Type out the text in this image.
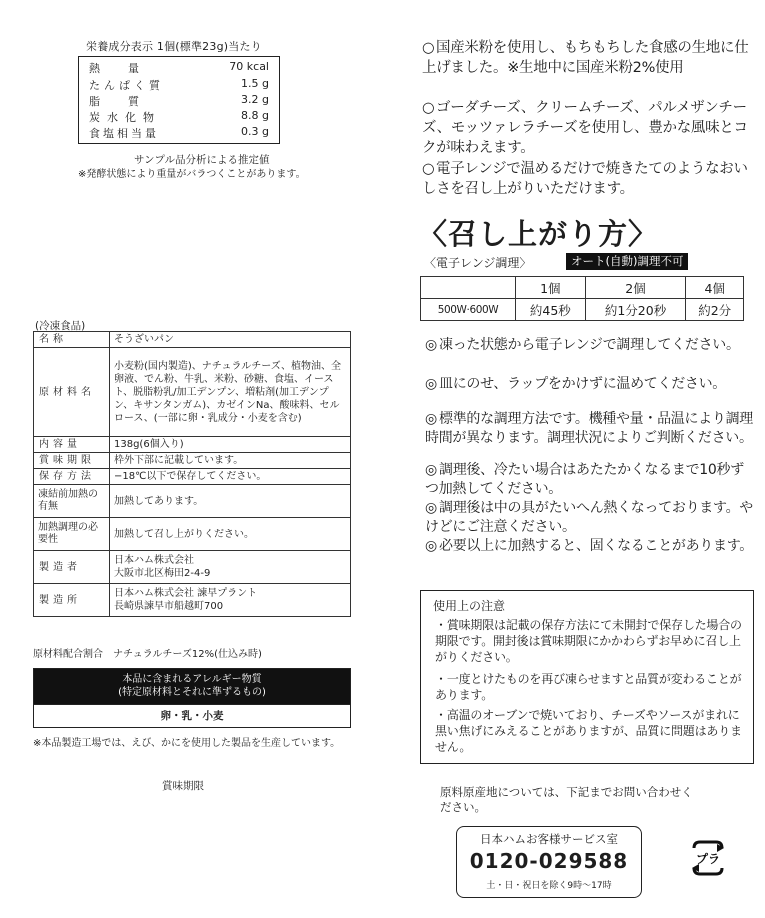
栄養成分表示 1個(標準23g)当たり
熱量	70 kcal
たんぱく質	1.5 g
脂質	3.2 g
炭水化物	8.8 g
食塩相当量	0.3 g
サンプル品分析による推定値
※発酵状態により重量がバラつくことがあります。
(冷凍食品)
名称	そうざいパン
原材料名	小麦粉(国内製造)、ナチュラルチーズ、植物油、全卵液、でん粉、牛乳、米粉、砂糖、食塩、イースト、脱脂粉乳/加工デンプン、増粘剤(加工デンプン、キサンタンガム)、カゼインNa、酸味料、セルロース、(一部に卵・乳成分・小麦を含む)
内容量	138g(6個入り)
賞味期限	枠外下部に記載しています。
保存方法	−18℃以下で保存してください。
凍結前加熱の有無	加熱してあります。
加熱調理の必要性	加熱して召し上がりください。
製造者	日本ハム株式会社
大阪市北区梅田2-4-9
製造所	日本ハム株式会社 諫早プラント
長崎県諫早市船越町700
原材料配合割合　ナチュラルチーズ12%(仕込み時)
本品に含まれるアレルギー物質
(特定原材料とそれに準ずるもの)
卵・乳・小麦
※本品製造工場では、えび、かにを使用した製品を生産しています。
賞味期限
○ 国産米粉を使用し、もちもちした食感の生地に仕上げました。※生地中に国産米粉2%使用
○ ゴーダチーズ、クリームチーズ、パルメザンチーズ、モッツァレラチーズを使用し、豊かな風味とコクが味わえます。
○ 電子レンジで温めるだけで焼きたてのようなおいしさを召し上がりいただけます。
〈召し上がり方〉
〈電子レンジ調理〉	オート(自動)調理不可
	1個	2個	4個
500W·600W	約45秒	約1分20秒	約2分
◎ 凍った状態から電子レンジで調理してください。
◎ 皿にのせ、ラップをかけずに温めてください。
◎ 標準的な調理方法です。機種や量・品温により調理時間が異なります。調理状況によりご判断ください。
◎ 調理後、冷たい場合はあたたかくなるまで10秒ずつ加熱してください。
◎ 調理後は中の具がたいへん熱くなっております。やけどにご注意ください。
◎ 必要以上に加熱すると、固くなることがあります。
使用上の注意
・賞味期限は記載の保存方法にて未開封で保存した場合の期限です。開封後は賞味期限にかかわらずお早めに召し上がりください。
・一度とけたものを再び凍らせますと品質が変わることがあります。
・高温のオーブンで焼いており、チーズやソースがまれに黒い焦げにみえることがありますが、品質に問題はありません。
原料原産地については、下記までお問い合わせください。
日本ハムお客様サービス室
0120-029588
土・日・祝日を除く9時〜17時
プラ
